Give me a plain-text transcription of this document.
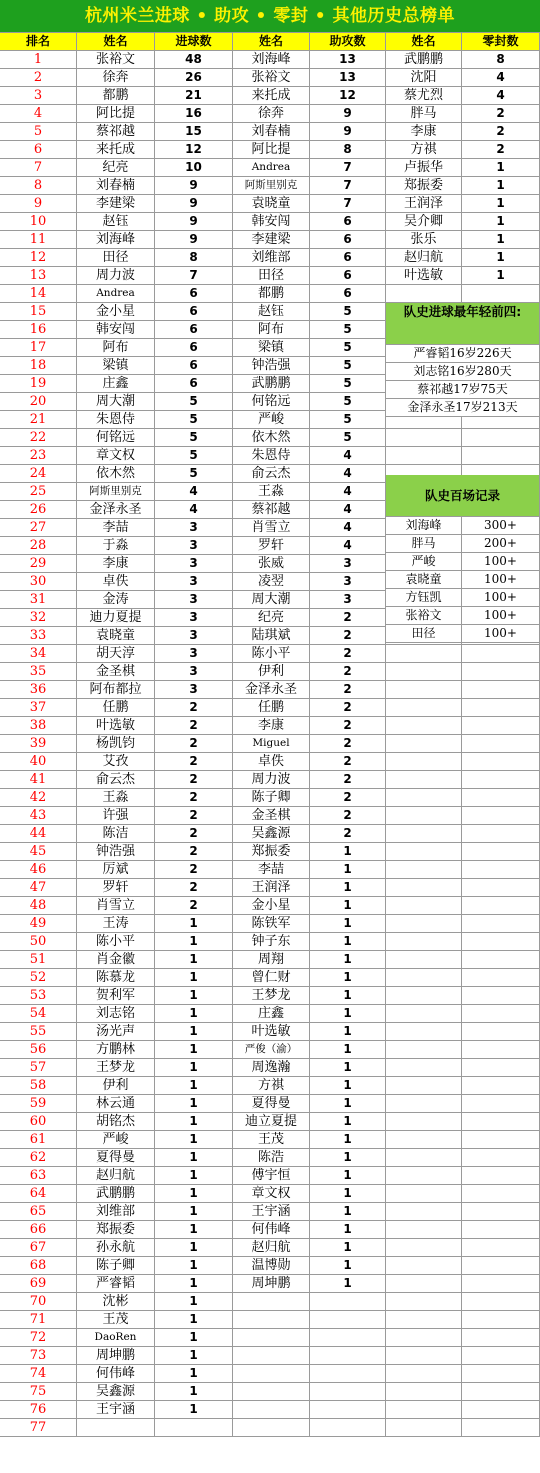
杭州米兰进球 • 助攻 • 零封 • 其他历史总榜单
排名	姓名	进球数	姓名	助攻数	姓名	零封数
1	张裕文	48	刘海峰	13	武鹏鹏	8
2	徐奔	26	张裕文	13	沈阳	4
3	都鹏	21	来托成	12	蔡尤烈	4
4	阿比提	16	徐奔	9	胖马	2
5	蔡祁越	15	刘春楠	9	李康	2
6	来托成	12	阿比提	8	方祺	2
7	纪亮	10	Andrea	7	卢振华	1
8	刘春楠	9	阿斯里别克	7	郑振委	1
9	李建梁	9	袁晓童	7	王润泽	1
10	赵钰	9	韩安闯	6	吴介卿	1
11	刘海峰	9	李建梁	6	张乐	1
12	田径	8	刘维部	6	赵归航	1
13	周力波	7	田径	6	叶选敏	1
14	Andrea	6	都鹏	6
15	金小星	6	赵钰	5
16	韩安闯	6	阿布	5
17	阿布	6	梁镇	5
18	梁镇	6	钟浩强	5
19	庄鑫	6	武鹏鹏	5
20	周大潮	5	何铭远	5
21	朱恩侍	5	严峻	5
22	何铭远	5	依木然	5
23	章文权	5	朱恩侍	4
24	依木然	5	俞云杰	4
25	阿斯里别克	4	王淼	4
26	金泽永圣	4	蔡祁越	4
27	李喆	3	肖雪立	4
28	于淼	3	罗轩	4
29	李康	3	张威	3
30	卓佚	3	凌翌	3
31	金涛	3	周大潮	3
32	迪力夏提	3	纪亮	2
33	袁晓童	3	陆琪斌	2
34	胡天淳	3	陈小平	2
35	金圣棋	3	伊利	2
36	阿布都拉	3	金泽永圣	2
37	任鹏	2	任鹏	2
38	叶选敏	2	李康	2
39	杨凯钧	2	Miguel	2
40	艾孜	2	卓佚	2
41	俞云杰	2	周力波	2
42	王淼	2	陈子卿	2
43	许强	2	金圣棋	2
44	陈洁	2	吴鑫源	2
45	钟浩强	2	郑振委	1
46	厉斌	2	李喆	1
47	罗轩	2	王润泽	1
48	肖雪立	2	金小星	1
49	王涛	1	陈铁军	1
50	陈小平	1	钟子东	1
51	肖金徽	1	周翔	1
52	陈慕龙	1	曾仁财	1
53	贺利军	1	王梦龙	1
54	刘志铭	1	庄鑫	1
55	汤光声	1	叶选敏	1
56	方鹏林	1	严俊（渝）	1
57	王梦龙	1	周逸瀚	1
58	伊利	1	方祺	1
59	林云通	1	夏得曼	1
60	胡铭杰	1	迪立夏提	1
61	严峻	1	王茂	1
62	夏得曼	1	陈浩	1
63	赵归航	1	傅宇恒	1
64	武鹏鹏	1	章文权	1
65	刘维部	1	王宇涵	1
66	郑振委	1	何伟峰	1
67	孙永航	1	赵归航	1
68	陈子卿	1	温博勋	1
69	严睿韬	1	周坤鹏	1
70	沈彬	1
71	王茂	1
72	DaoRen	1
73	周坤鹏	1
74	何伟峰	1
75	吴鑫源	1
76	王宇涵	1
77
队史进球最年轻前四:
严睿韬16岁226天
刘志铭16岁280天
蔡祁越17岁75天
金泽永圣17岁213天
队史百场记录
刘海峰	300+
胖马	200+
严峻	100+
袁晓童	100+
方钰凯	100+
张裕文	100+
田径	100+
